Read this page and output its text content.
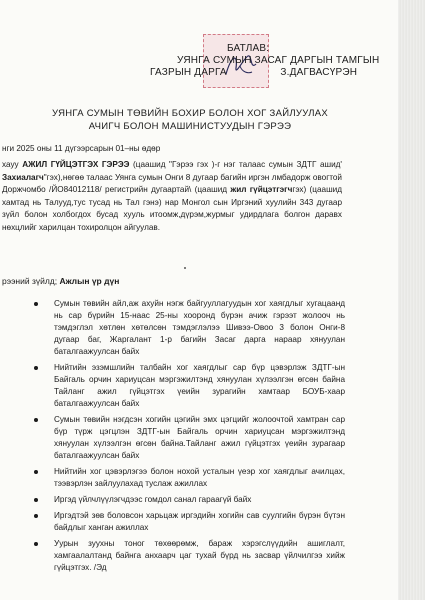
БАТЛАВ:
УЯНГА СУМЫН ЗАСАГ ДАРГЫН ТАМГЫН
ГАЗРЫН ДАРГА                  З.ДАГВАСҮРЭН
УЯНГА СУМЫН ТӨВИЙН БОХИР БОЛОН ХОГ ЗАЙЛУУЛАХ
АЧИГЧ БОЛОН МАШИНИСТУУДЫН ГЭРЭЭ

нги 2025 оны 11 дүгээрсарын 01–ны өдөр

хауу АЖИЛ ГҮЙЦЭТГЭХ ГЭРЭЭ (цаашид "Гэрээ гэх )-г нэг талаас сумын ЗДТГ ашид' Захиалагч"гэх),нөгөө талаас Уянга сумын Онги 8 дугаар багийн иргэн лмбадорж овогтой Доржчомбо /ЙО84012118/ регистрийн дугаартай\ (цаашид жил гүйцэтгэгчгэх) (цаашид хамтад нь Талууд,тус тусад нь Тал гэнэ) нар Монгол сын Иргэний хуулийн 343 дугаар зүйл болон холбогдох бусад хууль итоомж,дүрэм,журмыг удирдлага болгон даравх нөхцлийг харилцан тохиролцон айгуулав.

рээний зүйлд; Ажлын үр дүн

Сумын төвийн айл,аж ахуйн нэгж байгууллагуудын хог хаягдлыг хугацаанд нь сар бүрийн 15-наас 25-ны хооронд бүрэн ачиж гэрээт жолооч нь тэмдэглэл хөтлөн хөтөлсөн тэмдэглэлээ Шивээ-Овоо 3 болон Онги-8 дугаар баг, Жаргалант 1-р багийн Засаг дарга нараар хянуулан баталгаажуулсан байх
Нийтийн эзэмшлийн талбайн хог хаягдлыг сар бүр цэвэрлэж ЗДТГ-ын Байгаль орчин хариуцсан мэргэжилтэнд хянуулан хүлээлгэн өгсөн байна Тайланг ажил гүйцэтгэх үеийн зурагийн хамтаар БОУБ-хаар баталгаажуулсан байх
Сумын төвийн нэгдсэн хогийн цэгийн эмх цэгцийг жолоочтой хамтран сар бүр түрж цэгцлэн ЗДТГ-ын Байгаль орчин хариуцсан мэргэжилтэнд хянуулан хүлээлгэн өгсөн байна.Тайланг ажил гүйцэтгэх үеийн зурагаар баталгаажуулсан байх
Нийтийн хог цэвэрлэгээ болон нохой усталын үеэр хог хаягдлыг ачилцах, тээвэрлэн зайлуулахад туслаж ажиллах
Иргэд үйлчлүүлэгчдээс гомдол санал гараагүй байх
Иргэдтэй зөв боловсон харьцаж иргэдийн хогийн сав суулгийн бүрэн бүтэн байдлыг ханган ажиллах
Уурын зуухны тоног төхөөрөмж, бараж хэрэгслүүдийн ашиглалт, хамгаалалтанд байнга анхаарч цаг тухай бүрд нь засвар үйлчилгээ хийж гүйцэтгэх. /Эд
